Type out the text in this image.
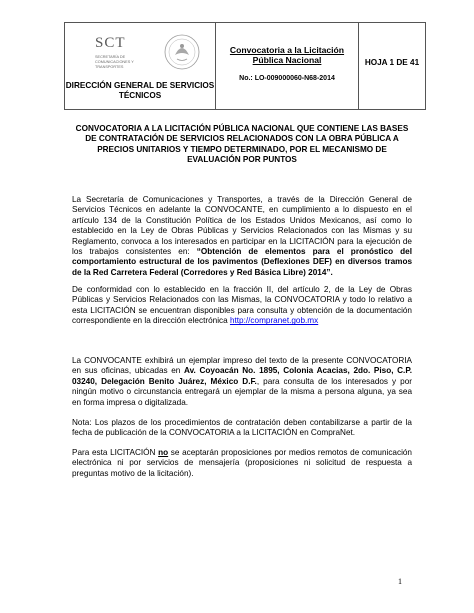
SCT
SECRETARÍA DE COMUNICACIONES Y TRANSPORTES
DIRECCIÓN GENERAL DE SERVICIOS TÉCNICOS
Convocatoria a la Licitación Pública Nacional
No.: LO-009000060-N68-2014
HOJA 1 DE 41
CONVOCATORIA A LA LICITACIÓN PÚBLICA NACIONAL QUE CONTIENE LAS BASES DE CONTRATACIÓN DE SERVICIOS RELACIONADOS CON LA OBRA PÚBLICA A PRECIOS UNITARIOS Y TIEMPO DETERMINADO, POR EL MECANISMO DE EVALUACIÓN POR PUNTOS
La Secretaría de Comunicaciones y Transportes, a través de la Dirección General de Servicios Técnicos en adelante la CONVOCANTE, en cumplimiento a lo dispuesto en el artículo 134 de la Constitución Política de los Estados Unidos Mexicanos, así como lo establecido en la Ley de Obras Públicas y Servicios Relacionados con las Mismas y su Reglamento, convoca a los interesados en participar en la LICITACIÓN para la ejecución de los trabajos consistentes en: “Obtención de elementos para el pronóstico del comportamiento estructural de los pavimentos (Deflexiones DEF) en diversos tramos de la Red Carretera Federal (Corredores y Red Básica Libre) 2014”.
De conformidad con lo establecido en la fracción II, del artículo 2, de la Ley de Obras Públicas y Servicios Relacionados con las Mismas, la CONVOCATORIA y todo lo relativo a esta LICITACIÓN se encuentran disponibles para consulta y obtención de la documentación correspondiente en la dirección electrónica http://compranet.gob.mx
La CONVOCANTE exhibirá un ejemplar impreso del texto de la presente CONVOCATORIA en sus oficinas, ubicadas en Av. Coyoacán No. 1895, Colonia Acacias, 2do. Piso, C.P. 03240, Delegación Benito Juárez, México D.F., para consulta de los interesados y por ningún motivo o circunstancia entregará un ejemplar de la misma a persona alguna, ya sea en forma impresa o digitalizada.
Nota: Los plazos de los procedimientos de contratación deben contabilizarse a partir de la fecha de publicación de la CONVOCATORIA a la LICITACIÓN en CompraNet.
Para esta LICITACIÓN no se aceptarán proposiciones por medios remotos de comunicación electrónica ni por servicios de mensajería (proposiciones ni solicitud de respuesta a preguntas motivo de la licitación).
1
